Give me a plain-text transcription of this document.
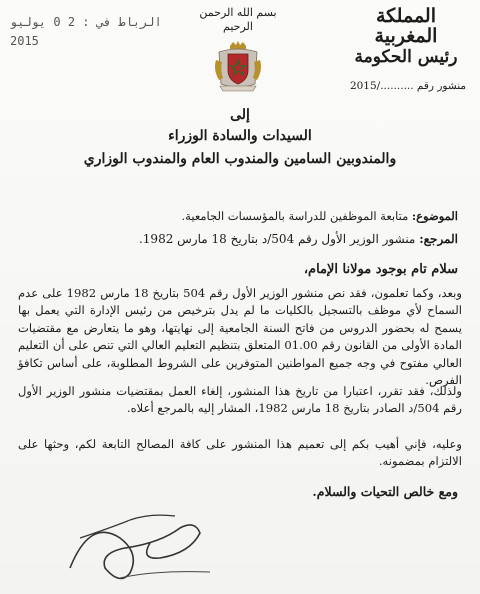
المملكة المغربية
رئيس الحكومة
بسم الله الرحمن الرحيم
الرباط في : 2 0 يوليو 2015
منشور رقم ........../2015
إلى
السيدات والسادة الوزراء
والمندوبين السامين والمندوب العام والمندوب الوزاري
الموضوع: متابعة الموظفين للدراسة بالمؤسسات الجامعية.
المرجع: منشور الوزير الأول رقم 504/د بتاريخ 18 مارس 1982.
سلام تام بوجود مولانا الإمام،
وبعد، وكما تعلمون، فقد نص منشور الوزير الأول رقم 504 بتاريخ 18 مارس 1982 على عدم السماح لأي موظف بالتسجيل بالكليات ما لم يدل بترخيص من رئيس الإدارة التي يعمل بها يسمح له بحضور الدروس من فاتح السنة الجامعية إلى نهايتها، وهو ما يتعارض مع مقتضيات المادة الأولى من القانون رقم 01.00 المتعلق بتنظيم التعليم العالي التي تنص على أن التعليم العالي مفتوح في وجه جميع المواطنين المتوفرين على الشروط المطلوبة، على أساس تكافؤ الفرص.
ولذلك، فقد تقرر، اعتبارا من تاريخ هذا المنشور، إلغاء العمل بمقتضيات منشور الوزير الأول رقم 504/د الصادر بتاريخ 18 مارس 1982، المشار إليه بالمرجع أعلاه.
وعليه، فإني أهيب بكم إلى تعميم هذا المنشور على كافة المصالح التابعة لكم، وحثها على الالتزام بمضمونه.
ومع خالص التحيات والسلام.
